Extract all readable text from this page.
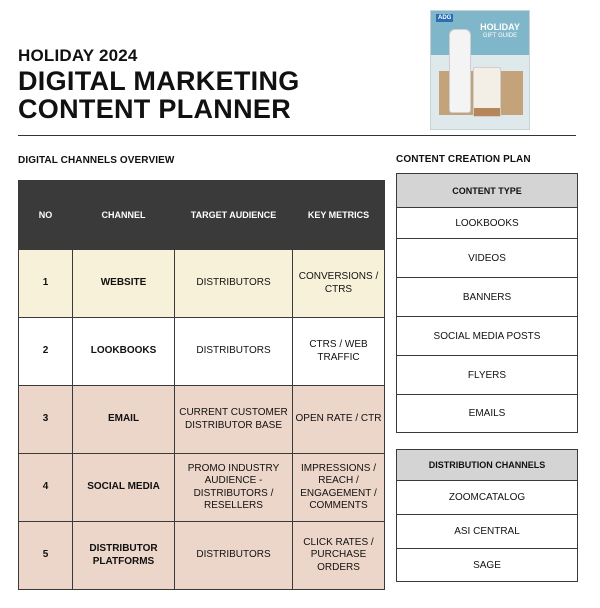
HOLIDAY 2024
DIGITAL MARKETING
CONTENT PLANNER
ADG
HOLIDAY
GIFT GUIDE
DIGITAL CHANNELS OVERVIEW	CONTENT CREATION PLAN
NO	CHANNEL	TARGET AUDIENCE	KEY METRICS
1	WEBSITE	DISTRIBUTORS	CONVERSIONS / CTRS
2	LOOKBOOKS	DISTRIBUTORS	CTRS / WEB TRAFFIC
3	EMAIL	CURRENT CUSTOMER DISTRIBUTOR BASE	OPEN RATE / CTR
4	SOCIAL MEDIA	PROMO INDUSTRY AUDIENCE - DISTRIBUTORS / RESELLERS	IMPRESSIONS / REACH / ENGAGEMENT / COMMENTS
5	DISTRIBUTOR PLATFORMS	DISTRIBUTORS	CLICK RATES / PURCHASE ORDERS
CONTENT TYPE
LOOKBOOKS
VIDEOS
BANNERS
SOCIAL MEDIA POSTS
FLYERS
EMAILS
DISTRIBUTION CHANNELS
ZOOMCATALOG
ASI CENTRAL
SAGE
